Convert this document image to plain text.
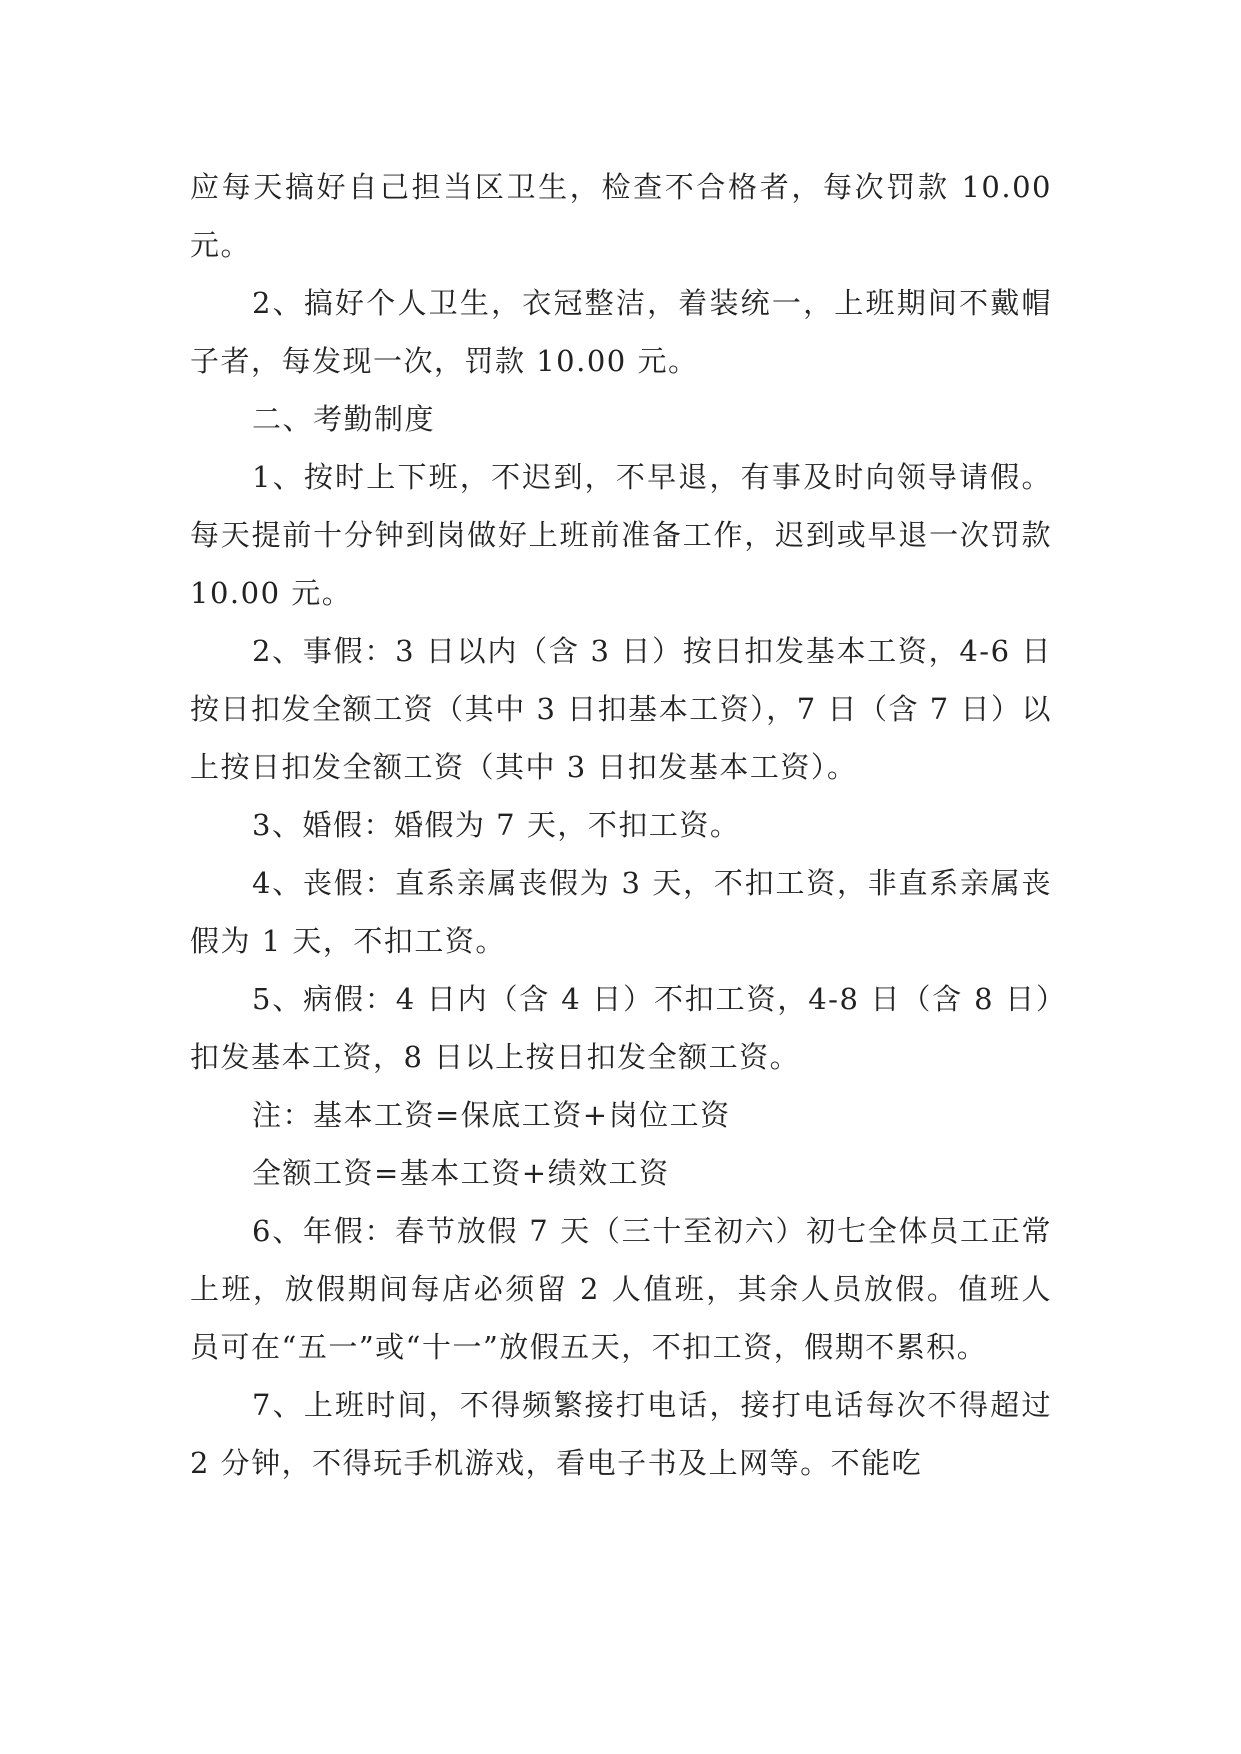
应每天搞好自己担当区卫生，检查不合格者，每次罚款 10.00 元。

2、搞好个人卫生，衣冠整洁，着装统一，上班期间不戴帽子者，每发现一次，罚款 10.00 元。

二、考勤制度

1、按时上下班，不迟到，不早退，有事及时向领导请假。每天提前十分钟到岗做好上班前准备工作，迟到或早退一次罚款 10.00 元。

2、事假：3 日以内（含 3 日）按日扣发基本工资，4-6 日按日扣发全额工资（其中 3 日扣基本工资），7 日（含 7 日）以上按日扣发全额工资（其中 3 日扣发基本工资）。

3、婚假：婚假为 7 天，不扣工资。

4、丧假：直系亲属丧假为 3 天，不扣工资，非直系亲属丧假为 1 天，不扣工资。

5、病假：4 日内（含 4 日）不扣工资，4-8 日（含 8 日）扣发基本工资，8 日以上按日扣发全额工资。

注：基本工资=保底工资+岗位工资

全额工资=基本工资+绩效工资

6、年假：春节放假 7 天（三十至初六）初七全体员工正常上班，放假期间每店必须留 2 人值班，其余人员放假。值班人员可在“五一”或“十一”放假五天，不扣工资，假期不累积。

7、上班时间，不得频繁接打电话，接打电话每次不得超过 2 分钟，不得玩手机游戏，看电子书及上网等。不能吃
